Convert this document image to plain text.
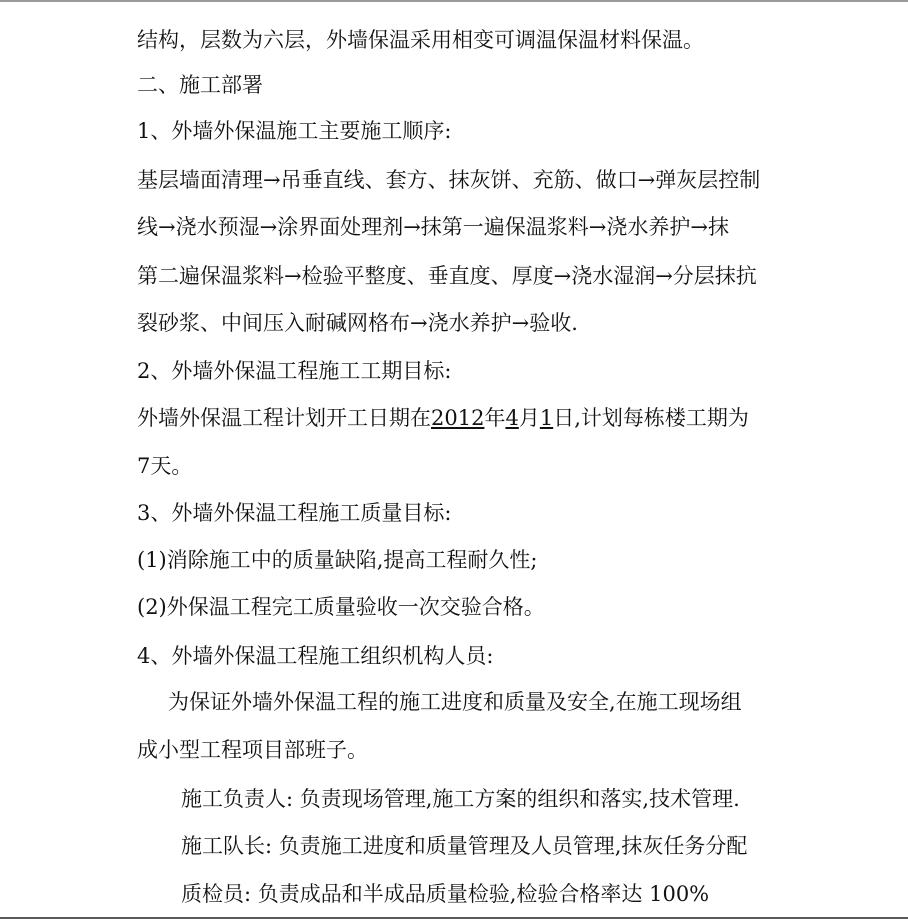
结构，层数为六层，外墙保温采用相变可调温保温材料保温。
二、施工部署
1、外墙外保温施工主要施工顺序:
基层墙面清理→吊垂直线、套方、抹灰饼、充筋、做口→弹灰层控制
线→浇水预湿→涂界面处理剂→抹第一遍保温浆料→浇水养护→抹
第二遍保温浆料→检验平整度、垂直度、厚度→浇水湿润→分层抹抗
裂砂浆、中间压入耐碱网格布→浇水养护→验收.
2、外墙外保温工程施工工期目标:
外墙外保温工程计划开工日期在2012年4月1日,计划每栋楼工期为
7天。
3、外墙外保温工程施工质量目标:
(1)消除施工中的质量缺陷,提高工程耐久性;
(2)外保温工程完工质量验收一次交验合格。
4、外墙外保温工程施工组织机构人员:
为保证外墙外保温工程的施工进度和质量及安全,在施工现场组
成小型工程项目部班子。
施工负责人: 负责现场管理,施工方案的组织和落实,技术管理.
施工队长: 负责施工进度和质量管理及人员管理,抹灰任务分配
质检员: 负责成品和半成品质量检验,检验合格率达 100%
